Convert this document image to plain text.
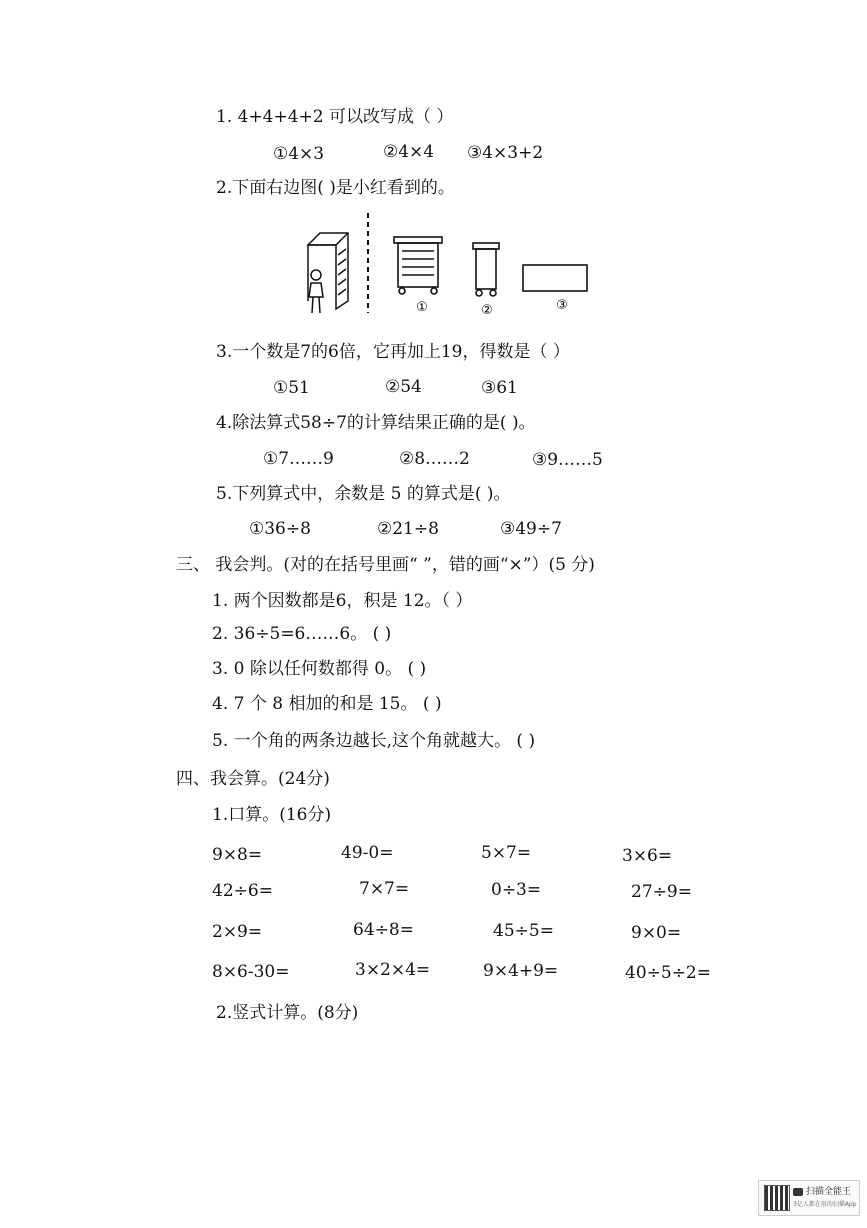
1. 4+4+4+2 可以改写成（ ）
①4×3	②4×4 ③4×3+2
2.下面右边图( )是小红看到的。
①	②	③
3.一个数是7的6倍，它再加上19，得数是（ ）
①51	②54	③61
4.除法算式58÷7的计算结果正确的是( )。
①7……9	②8……2	③9……5
5.下列算式中，余数是 5 的算式是( )。
①36÷8	②21÷8	③49÷7
三、 我会判。(对的在括号里画“ ”，错的画“×”）(5 分)
1. 两个因数都是6，积是 12。（ ）
2. 36÷5=6……6。 ( )
3. 0 除以任何数都得 0。 ( )
4. 7 个 8 相加的和是 15。 ( )
5. 一个角的两条边越长,这个角就越大。 ( )
四、我会算。(24分)
1.口算。(16分)
9×8=	49-0=	5×7=	3×6=
42÷6=	7×7=	0÷3=	27÷9=
2×9=	64÷8=	45÷5=	9×0=
8×6-30=	3×2×4=	9×4+9=	40÷5÷2=
2.竖式计算。(8分)
扫描全能王
3亿人都在用的扫描App
